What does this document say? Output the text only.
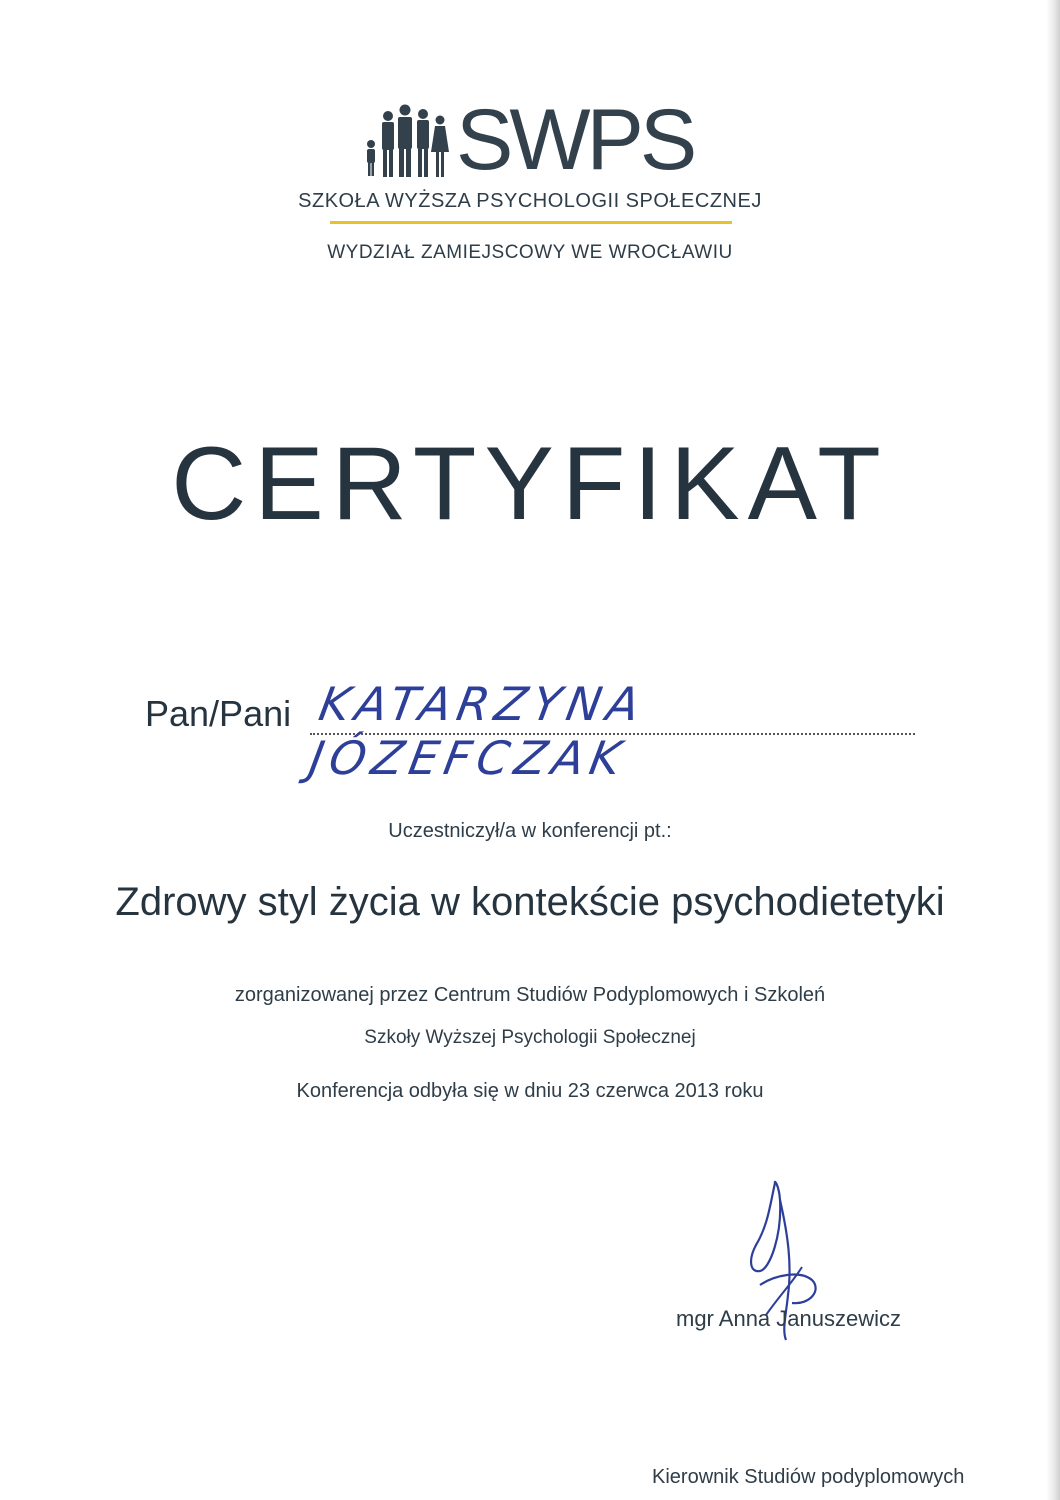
SWPS
SZKOŁA WYŻSZA PSYCHOLOGII SPOŁECZNEJ
WYDZIAŁ ZAMIEJSCOWY WE WROCŁAWIU
CERTYFIKAT
Pan/Pani KATARZYNA JÓZEFCZAK
Uczestniczył/a w konferencji pt.:
Zdrowy styl życia w kontekście psychodietetyki
zorganizowanej przez Centrum Studiów Podyplomowych i Szkoleń
Szkoły Wyższej Psychologii Społecznej
Konferencja odbyła się w dniu 23 czerwca 2013 roku
mgr Anna Januszewicz
Kierownik Studiów podyplomowych
